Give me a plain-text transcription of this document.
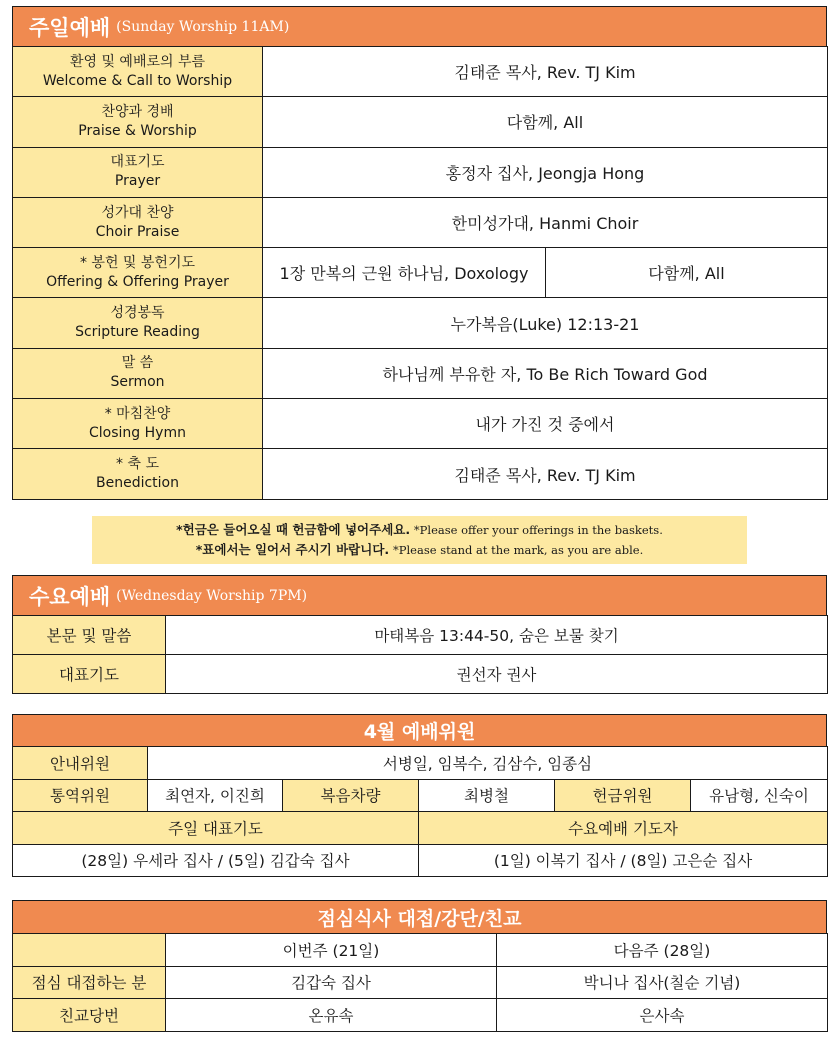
주일예배 (Sunday Worship 11AM)
환영 및 예배로의 부름
Welcome & Call to Worship	김태준 목사, Rev. TJ Kim	

찬양과 경배
Praise & Worship	다함께, All	

대표기도
Prayer	홍정자 집사, Jeongja Hong	

성가대 찬양
Choir Praise	한미성가대, Hanmi Choir	

* 봉헌 및 봉헌기도
Offering & Offering Prayer	1장 만복의 근원 하나님, Doxology	다함께, All

성경봉독
Scripture Reading	누가복음(Luke) 12:13-21	

말 씀
Sermon	하나님께 부유한 자, To Be Rich Toward God	

* 마침찬양
Closing Hymn	내가 가진 것 중에서	

* 축 도
Benediction	김태준 목사, Rev. TJ Kim	
*헌금은 들어오실 때 헌금함에 넣어주세요. *Please offer your offerings in the baskets.
*표에서는 일어서 주시기 바랍니다. *Please stand at the mark, as you are able.
수요예배 (Wednesday Worship 7PM)
본문 및 말씀	마태복음 13:44-50, 숨은 보물 찾기
대표기도	권선자 권사
4월 예배위원
안내위원	서병일, 임복수, 김삼수, 임종심				
통역위원	최연자, 이진희	복음차량	최병철	헌금위원	유남형, 신숙이
주일 대표기도			수요예배 기도자		
(28일) 우세라 집사 / (5일) 김갑숙 집사			(1일) 이복기 집사 / (8일) 고은순 집사		
점심식사 대접/강단/친교
	이번주 (21일)	다음주 (28일)
점심 대접하는 분	김갑숙 집사	박니나 집사(칠순 기념)
친교당번	온유속	은사속
